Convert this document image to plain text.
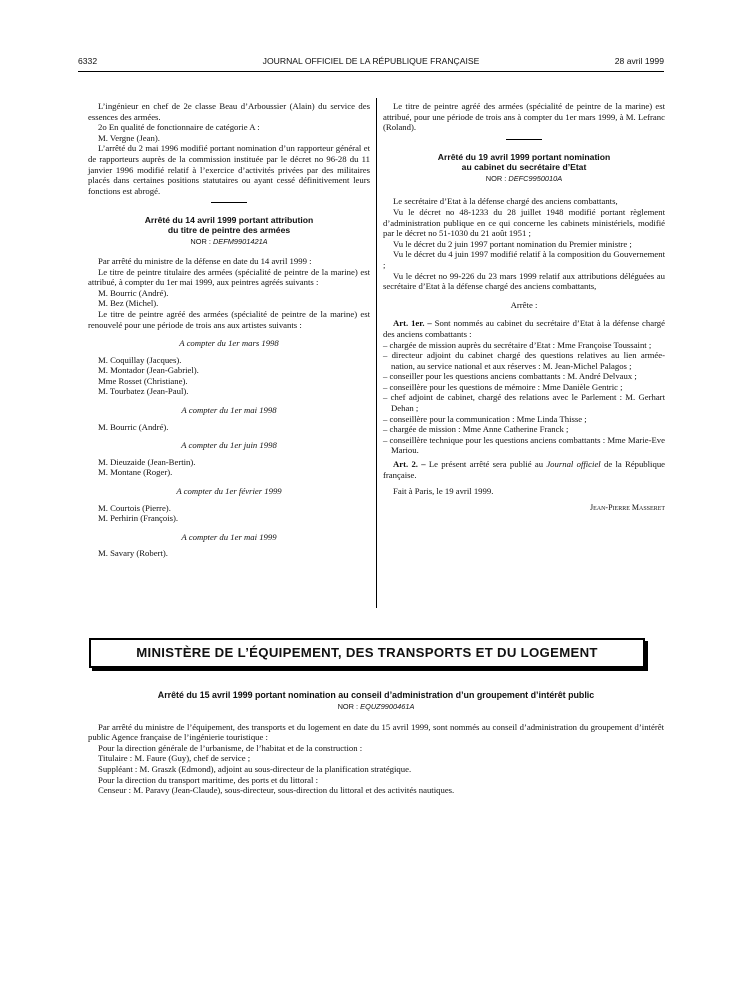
6332	JOURNAL OFFICIEL DE LA RÉPUBLIQUE FRANÇAISE	28 avril 1999

L’ingénieur en chef de 2e classe Beau d’Arboussier (Alain) du service des essences des armées.

2o En qualité de fonctionnaire de catégorie A :

M. Vergne (Jean).

L’arrêté du 2 mai 1996 modifié portant nomination d’un rapporteur général et de rapporteurs auprès de la commission instituée par le décret no 96-28 du 11 janvier 1996 modifié relatif à l’exercice d’activités privées par des militaires placés dans certaines positions statutaires ou ayant cessé définitivement leurs fonctions est abrogé.

Arrêté du 14 avril 1999 portant attribution
du titre de peintre des armées
NOR : DEFM9901421A

Par arrêté du ministre de la défense en date du 14 avril 1999 :

Le titre de peintre titulaire des armées (spécialité de peintre de la marine) est attribué, à compter du 1er mai 1999, aux peintres agréés suivants :

M. Bourric (André).

M. Bez (Michel).

Le titre de peintre agréé des armées (spécialité de peintre de la marine) est renouvelé pour une période de trois ans aux artistes suivants :

A compter du 1er mars 1998

M. Coquillay (Jacques).

M. Montador (Jean-Gabriel).

Mme Rosset (Christiane).

M. Tourbatez (Jean-Paul).

A compter du 1er mai 1998

M. Bourric (André).

A compter du 1er juin 1998

M. Dieuzaide (Jean-Bertin).

M. Montane (Roger).

A compter du 1er février 1999

M. Courtois (Pierre).

M. Perhirin (François).

A compter du 1er mai 1999

M. Savary (Robert).

Le titre de peintre agréé des armées (spécialité de peintre de la marine) est attribué, pour une période de trois ans à compter du 1er mars 1999, à M. Lefranc (Roland).

Arrêté du 19 avril 1999 portant nomination
au cabinet du secrétaire d’Etat
NOR : DEFC9950010A

Le secrétaire d’Etat à la défense chargé des anciens combattants,

Vu le décret no 48-1233 du 28 juillet 1948 modifié portant règlement d’administration publique en ce qui concerne les cabinets ministériels, modifié par le décret no 51-1030 du 21 août 1951 ;

Vu le décret du 2 juin 1997 portant nomination du Premier ministre ;

Vu le décret du 4 juin 1997 modifié relatif à la composition du Gouvernement ;

Vu le décret no 99-226 du 23 mars 1999 relatif aux attributions déléguées au secrétaire d’Etat à la défense chargé des anciens combattants,

Arrête :

Art. 1er. – Sont nommés au cabinet du secrétaire d’Etat à la défense chargé des anciens combattants :

– chargée de mission auprès du secrétaire d’Etat : Mme Françoise Toussaint ;

– directeur adjoint du cabinet chargé des questions relatives au lien armée-nation, au service national et aux réserves : M. Jean-Michel Palagos ;

– conseiller pour les questions anciens combattants : M. André Delvaux ;

– conseillère pour les questions de mémoire : Mme Danièle Gentric ;

– chef adjoint de cabinet, chargé des relations avec le Parlement : M. Gerhart Dehan ;

– conseillère pour la communication : Mme Linda Thisse ;

– chargée de mission : Mme Anne Catherine Franck ;

– conseillère technique pour les questions anciens combattants : Mme Marie-Eve Mariou.

Art. 2. – Le présent arrêté sera publié au Journal officiel de la République française.

Fait à Paris, le 19 avril 1999.

Jean-Pierre Masseret
MINISTÈRE DE L’ÉQUIPEMENT, DES TRANSPORTS ET DU LOGEMENT
Arrêté du 15 avril 1999 portant nomination au conseil d’administration d’un groupement d’intérêt public
NOR : EQUZ9900461A

Par arrêté du ministre de l’équipement, des transports et du logement en date du 15 avril 1999, sont nommés au conseil d’administration du groupement d’intérêt public Agence française de l’ingénierie touristique :

Pour la direction générale de l’urbanisme, de l’habitat et de la construction :

Titulaire : M. Faure (Guy), chef de service ;

Suppléant : M. Graszk (Edmond), adjoint au sous-directeur de la planification stratégique.

Pour la direction du transport maritime, des ports et du littoral :

Censeur : M. Paravy (Jean-Claude), sous-directeur, sous-direction du littoral et des activités nautiques.
